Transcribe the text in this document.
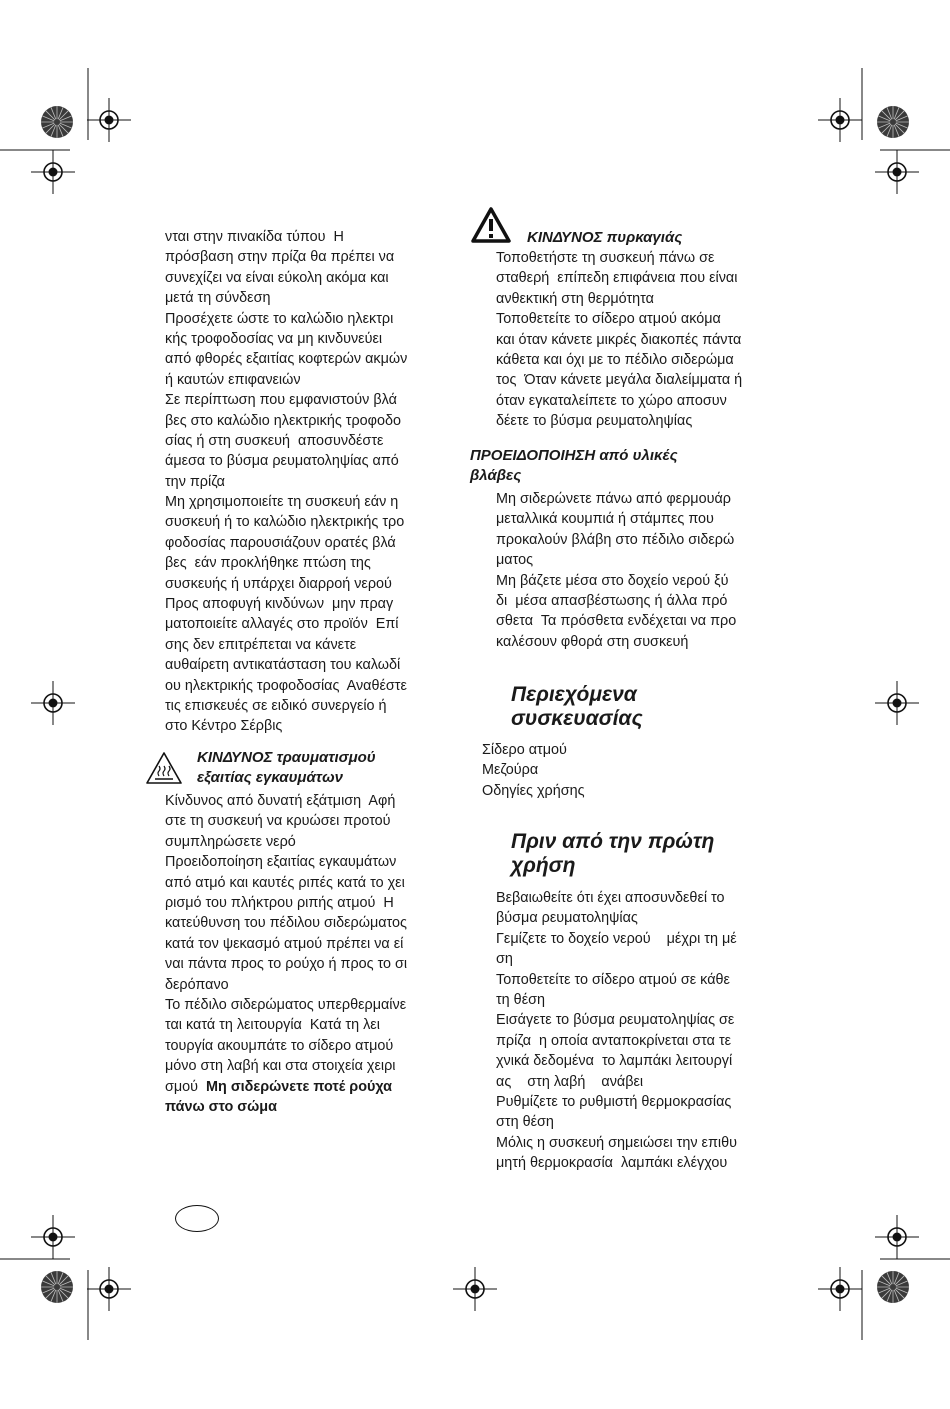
νται στην πινακίδα τύπου  Η
πρόσβαση στην πρίζα θα πρέπει να
συνεχίζει να είναι εύκολη ακόμα και
μετά τη σύνδεση
Προσέχετε ώστε το καλώδιο ηλεκτρι
κής τροφοδοσίας να μη κινδυνεύει
από φθορές εξαιτίας κοφτερών ακμών
ή καυτών επιφανειών
Σε περίπτωση που εμφανιστούν βλά
βες στο καλώδιο ηλεκτρικής τροφοδο
σίας ή στη συσκευή  αποσυνδέστε
άμεσα το βύσμα ρευματοληψίας από
την πρίζα
Μη χρησιμοποιείτε τη συσκευή εάν η
συσκευή ή το καλώδιο ηλεκτρικής τρο
φοδοσίας παρουσιάζουν ορατές βλά
βες  εάν προκλήθηκε πτώση της
συσκευής ή υπάρχει διαρροή νερού
Προς αποφυγή κινδύνων  μην πραγ
ματοποιείτε αλλαγές στο προϊόν  Επί
σης δεν επιτρέπεται να κάνετε
αυθαίρετη αντικατάσταση του καλωδί
ου ηλεκτρικής τροφοδοσίας  Αναθέστε
τις επισκευές σε ειδικό συνεργείο ή
στο Κέντρο Σέρβις
ΚΙΝΔΥΝΟΣ τραυματισμού
εξαιτίας εγκαυμάτων
Κίνδυνος από δυνατή εξάτμιση  Αφή
στε τη συσκευή να κρυώσει προτού
συμπληρώσετε νερό
Προειδοποίηση εξαιτίας εγκαυμάτων
από ατμό και καυτές ριπές κατά το χει
ρισμό του πλήκτρου ριπής ατμού  Η
κατεύθυνση του πέδιλου σιδερώματος
κατά τον ψεκασμό ατμού πρέπει να εί
ναι πάντα προς το ρούχο ή προς το σι
δερόπανο
Το πέδιλο σιδερώματος υπερθερμαίνε
ται κατά τη λειτουργία  Κατά τη λει
τουργία ακουμπάτε το σίδερο ατμού
μόνο στη λαβή και στα στοιχεία χειρι
σμού  Μη σιδερώνετε ποτέ ρούχα
πάνω στο σώμα
ΚΙΝΔΥΝΟΣ πυρκαγιάς
Τοποθετήστε τη συσκευή πάνω σε
σταθερή  επίπεδη επιφάνεια που είναι
ανθεκτική στη θερμότητα
Τοποθετείτε το σίδερο ατμού ακόμα
και όταν κάνετε μικρές διακοπές πάντα
κάθετα και όχι με το πέδιλο σιδερώμα
τος  Όταν κάνετε μεγάλα διαλείμματα ή
όταν εγκαταλείπετε το χώρο αποσυν
δέετε το βύσμα ρευματοληψίας
ΠΡΟΕΙΔΟΠΟΙΗΣΗ από υλικές
βλάβες
Μη σιδερώνετε πάνω από φερμουάρ
μεταλλικά κουμπιά ή στάμπες που
προκαλούν βλάβη στο πέδιλο σιδερώ
ματος
Μη βάζετε μέσα στο δοχείο νερού ξύ
δι  μέσα απασβέστωσης ή άλλα πρό
σθετα  Τα πρόσθετα ενδέχεται να προ
καλέσουν φθορά στη συσκευή
Περιεχόμενα
συσκευασίας
Σίδερο ατμού
Μεζούρα
Οδηγίες χρήσης
Πριν από την πρώτη
χρήση
Βεβαιωθείτε ότι έχει αποσυνδεθεί το
βύσμα ρευματοληψίας
Γεμίζετε το δοχείο νερού    μέχρι τη μέ
ση
Τοποθετείτε το σίδερο ατμού σε κάθε
τη θέση
Εισάγετε το βύσμα ρευματοληψίας σε
πρίζα  η οποία ανταποκρίνεται στα τε
χνικά δεδομένα  το λαμπάκι λειτουργί
ας    στη λαβή    ανάβει
Ρυθμίζετε το ρυθμιστή θερμοκρασίας
στη θέση
Μόλις η συσκευή σημειώσει την επιθυ
μητή θερμοκρασία  λαμπάκι ελέγχου
